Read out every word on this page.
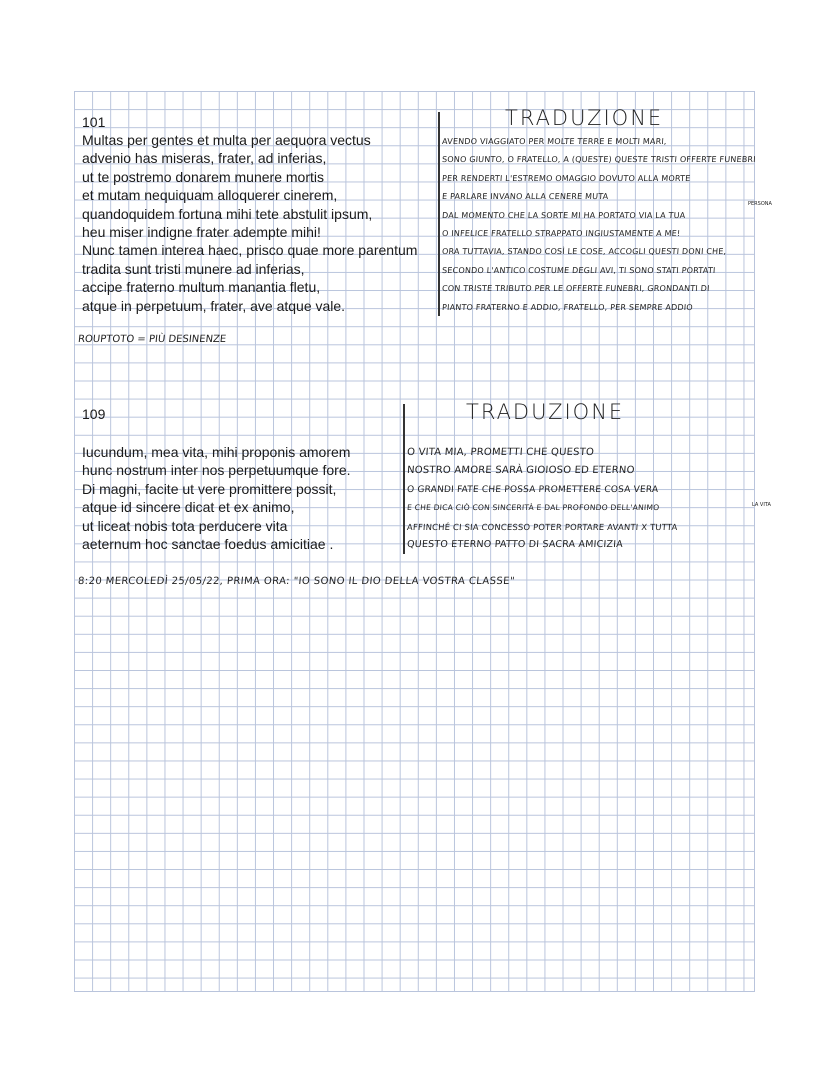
101
Multas per gentes et multa per aequora vectus
advenio has miseras, frater, ad inferias,
ut te postremo donarem munere mortis
et mutam nequiquam alloquerer cinerem,
quandoquidem fortuna mihi tete abstulit ipsum,
heu miser indigne frater adempte mihi!
Nunc tamen interea haec, prisco quae more parentum
tradita sunt tristi munere ad inferias,
accipe fraterno multum manantia fletu,
atque in perpetuum, frater, ave atque vale.
TRADUZIONE
PERSONA
AVENDO VIAGGIATO PER MOLTE TERRE E MOLTI MARI,
SONO GIUNTO, O FRATELLO, A (QUESTE) QUESTE TRISTI OFFERTE FUNEBRI
PER RENDERTI L'ESTREMO OMAGGIO DOVUTO ALLA MORTE
E PARLARE INVANO ALLA CENERE MUTA
DAL MOMENTO CHE LA SORTE MI HA PORTATO VIA LA TUA
O INFELICE FRATELLO STRAPPATO INGIUSTAMENTE A ME!
ORA TUTTAVIA, STANDO COSÌ LE COSE, ACCOGLI QUESTI DONI CHE,
SECONDO L'ANTICO COSTUME DEGLI AVI, TI SONO STATI PORTATI
CON TRISTE TRIBUTO PER LE OFFERTE FUNEBRI, GRONDANTI DI
PIANTO FRATERNO E ADDIO, FRATELLO, PER SEMPRE ADDIO
ROUPTOTO = PIÙ DESINENZE
109
Iucundum, mea vita, mihi proponis amorem
hunc nostrum inter nos perpetuumque fore.
Di magni, facite ut vere promittere possit,
atque id sincere dicat et ex animo,
ut liceat nobis tota perducere vita
aeternum hoc sanctae foedus amicitiae .
TRADUZIONE
LA VITA
O VITA MIA, PROMETTI CHE QUESTO
NOSTRO AMORE SARÀ GIOIOSO ED ETERNO
O GRANDI FATE CHE POSSA PROMETTERE COSA VERA
E CHE DICA CIÒ CON SINCERITÀ E DAL PROFONDO DELL'ANIMO
AFFINCHÉ CI SIA CONCESSO POTER PORTARE AVANTI X TUTTA
QUESTO ETERNO PATTO DI SACRA AMICIZIA
8:20 MERCOLEDÌ 25/05/22, PRIMA ORA: "IO SONO IL DIO DELLA VOSTRA CLASSE"
